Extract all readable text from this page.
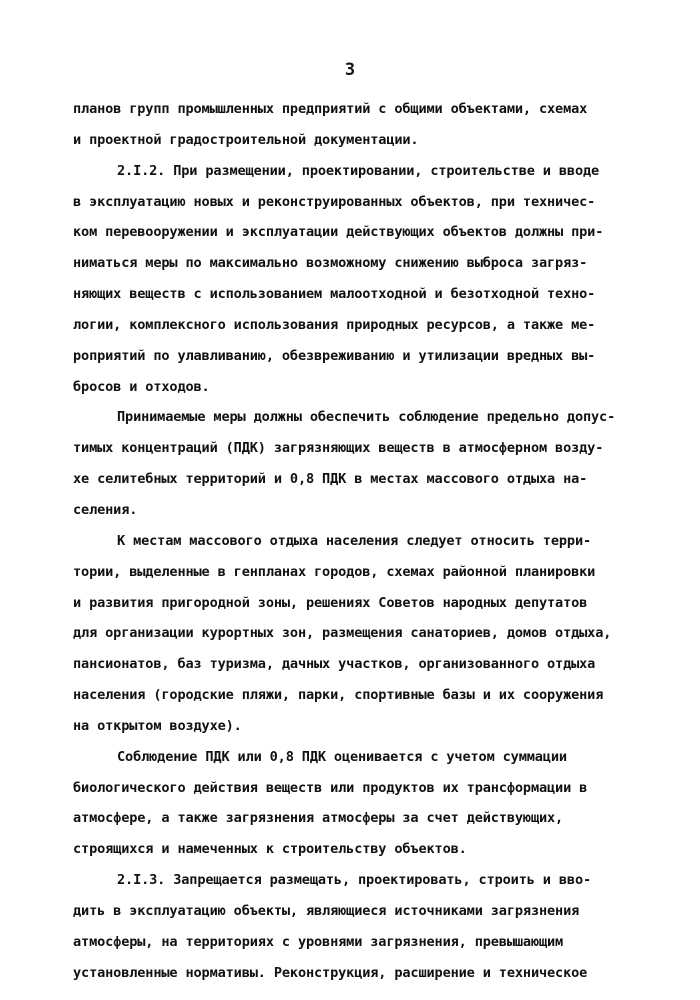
3
планов групп промышленных предприятий с общими объектами, схемах
и проектной градостроительной документации.
2.I.2. При размещении, проектировании, строительстве и вводе
в эксплуатацию новых и реконструированных объектов, при техничес-
ком перевооружении и эксплуатации действующих объектов должны при-
ниматься меры по максимально возможному снижению выброса загряз-
няющих веществ с использованием малоотходной и безотходной техно-
логии, комплексного использования природных ресурсов, а также ме-
роприятий по улавливанию, обезвреживанию и утилизации вредных вы-
бросов и отходов.
Принимаемые меры должны обеспечить соблюдение предельно допус-
тимых концентраций (ПДК) загрязняющих веществ в атмосферном возду-
хе селитебных территорий и 0,8 ПДК в местах массового отдыха на-
селения.
К местам массового отдыха населения следует относить терри-
тории, выделенные в генпланах городов, схемах районной планировки
и развития пригородной зоны, решениях Советов народных депутатов
для организации курортных зон, размещения санаториев, домов отдыха,
пансионатов, баз туризма, дачных участков, организованного отдыха
населения (городские пляжи, парки, спортивные базы и их сооружения
на открытом воздухе).
Соблюдение ПДК или 0,8 ПДК оценивается с учетом суммации
биологического действия веществ или продуктов их трансформации в
атмосфере, а также загрязнения атмосферы за счет действующих,
строящихся и намеченных к строительству объектов.
2.I.3. Запрещается размещать, проектировать, строить и вво-
дить в эксплуатацию объекты, являющиеся источниками загрязнения
атмосферы, на территориях с уровнями загрязнения, превышающим
установленные нормативы. Реконструкция, расширение и техническое
